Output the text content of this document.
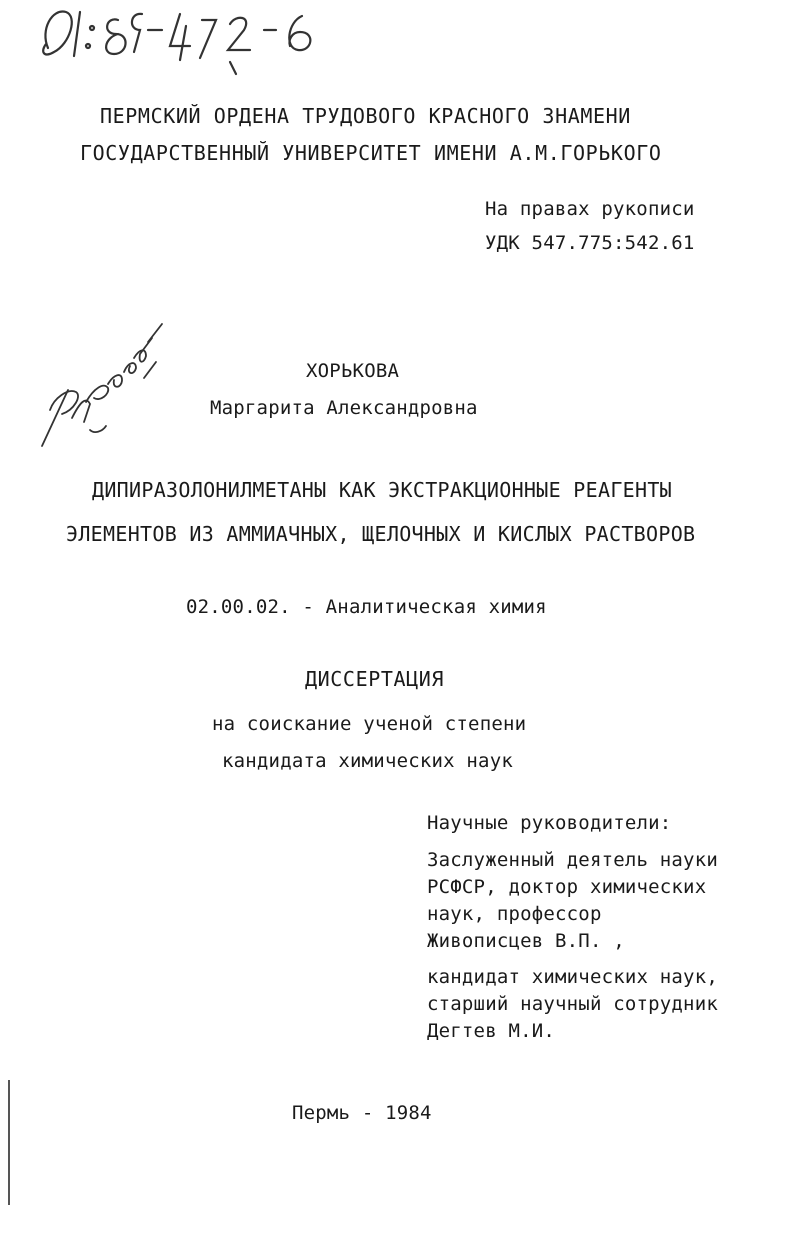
ПЕРМСКИЙ ОРДЕНА ТРУДОВОГО КРАСНОГО ЗНАМЕНИ
ГОСУДАРСТВЕННЫЙ УНИВЕРСИТЕТ ИМЕНИ А.М.ГОРЬКОГО
На правах рукописи
УДК 547.775:542.61
ХОРЬКОВА
Маргарита Александровна
ДИПИРАЗОЛОНИЛМЕТАНЫ КАК ЭКСТРАКЦИОННЫЕ РЕАГЕНТЫ
ЭЛЕМЕНТОВ ИЗ АММИАЧНЫХ, ЩЕЛОЧНЫХ И КИСЛЫХ РАСТВОРОВ
02.00.02. - Аналитическая химия
ДИССЕРТАЦИЯ
на соискание ученой степени
кандидата химических наук
Научные руководители:
Заслуженный деятель науки
РСФСР, доктор химических
наук, профессор
Живописцев В.П. ,
кандидат химических наук,
старший научный сотрудник
Дегтев М.И.
Пермь - 1984
